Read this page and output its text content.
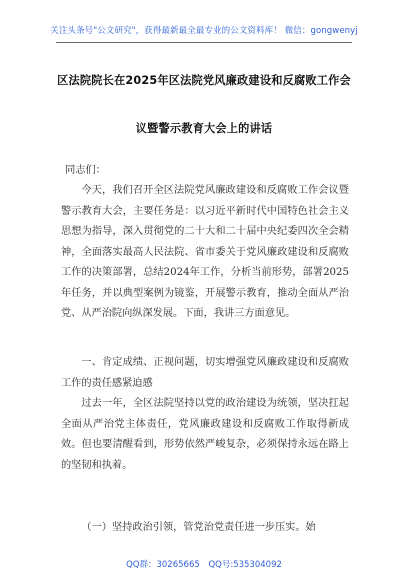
关注头条号"公文研究"，获得最新最全最专业的公文资料库！ 微信：gongwenyj
区法院院长在2025年区法院党风廉政建设和反腐败工作会
议暨警示教育大会上的讲话

同志们：

今天，我们召开全区法院党风廉政建设和反腐败工作会议暨警示教育大会，主要任务是：以习近平新时代中国特色社会主义思想为指导，深入贯彻党的二十大和二十届中央纪委四次全会精神，全面落实最高人民法院、省市委关于党风廉政建设和反腐败工作的决策部署，总结2024年工作，分析当前形势，部署2025年任务，并以典型案例为镜鉴，开展警示教育，推动全面从严治党、从严治院向纵深发展。下面，我讲三方面意见。

一、肯定成绩、正视问题，切实增强党风廉政建设和反腐败工作的责任感紧迫感

过去一年，全区法院坚持以党的政治建设为统领，坚决扛起全面从严治党主体责任，党风廉政建设和反腐败工作取得新成效。但也要清醒看到，形势依然严峻复杂，必须保持永远在路上的坚韧和执着。

（一）坚持政治引领，管党治党责任进一步压实。始

QQ群：30265665 QQ号:535304092
